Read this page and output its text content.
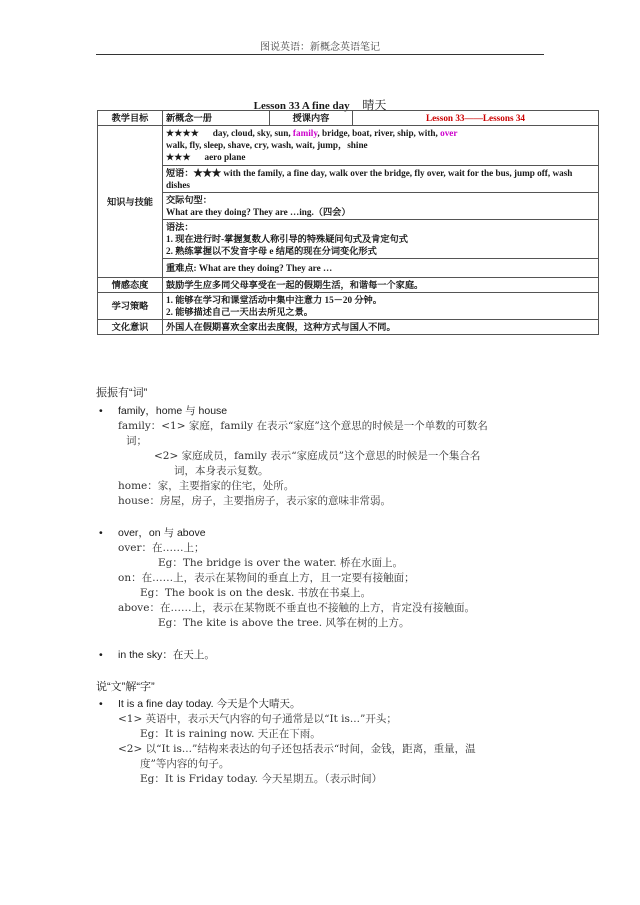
图说英语：新概念英语笔记
Lesson 33 A fine day 晴天
教学目标	新概念一册	授课内容	Lesson 33——Lessons 34
知识与技能	★★★★ day, cloud, sky, sun, family, bridge, boat, river, ship, with, over
walk, fly, sleep, shave, cry, wash, wait, jump，shine
★★★ aero plane		
	短语：★★★ with the family, a fine day, walk over the bridge, fly over, wait for the bus, jump off, wash dishes		
	交际句型：
What are they doing? They are …ing.（四会）		
	语法：
1. 现在进行时-掌握复数人称引导的特殊疑问句式及肯定句式
2. 熟练掌握以不发音字母 e 结尾的现在分词变化形式		
	重难点: What are they doing? They are …		
情感态度	鼓励学生应多同父母享受在一起的假期生活，和谐每一个家庭。		
学习策略	1. 能够在学习和课堂活动中集中注意力 15－20 分钟。
2. 能够描述自己一天出去所见之景。		
文化意识	外国人在假期喜欢全家出去度假，这种方式与国人不同。		

振振有“词”

• family，home 与 house

family：<1> 家庭，family 在表示“家庭”这个意思的时候是一个单数的可数名

词；

<2> 家庭成员，family 表示“家庭成员”这个意思的时候是一个集合名

词，本身表示复数。

home：家，主要指家的住宅，处所。

house：房屋，房子，主要指房子，表示家的意味非常弱。

• over，on 与 above

over：在……上；

Eg：The bridge is over the water. 桥在水面上。

on：在……上，表示在某物间的垂直上方，且一定要有接触面；

Eg：The book is on the desk. 书放在书桌上。

above：在……上，表示在某物既不垂直也不接触的上方，肯定没有接触面。

Eg：The kite is above the tree. 风筝在树的上方。

• in the sky：在天上。

说“文”解“字”

• It is a fine day today. 今天是个大晴天。

<1> 英语中，表示天气内容的句子通常是以“It is...”开头；

Eg：It is raining now. 天正在下雨。

<2> 以“It is...”结构来表达的句子还包括表示“时间，金钱，距离，重量，温

度”等内容的句子。

Eg：It is Friday today. 今天星期五。（表示时间）
